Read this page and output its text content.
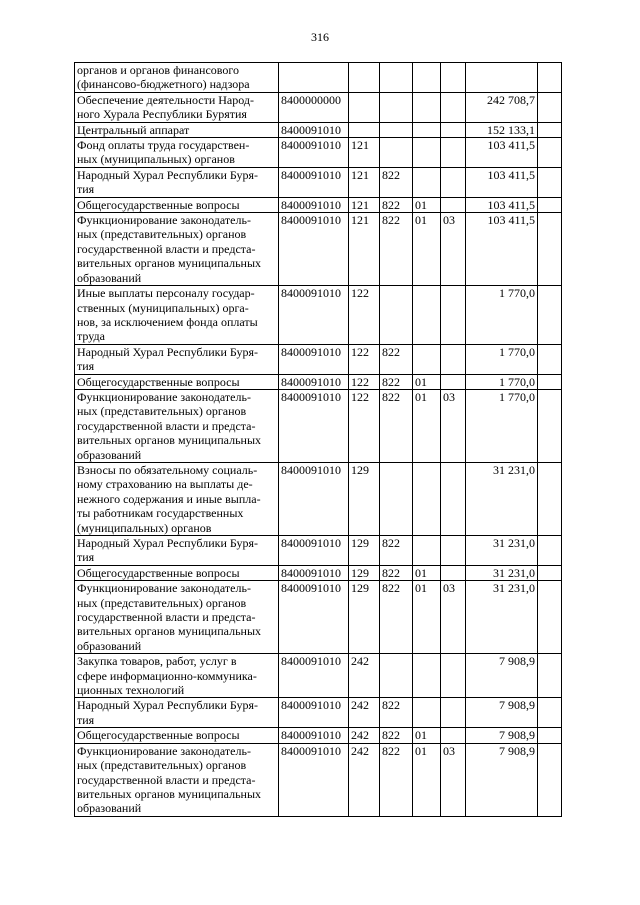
316
органов и органов финансового
(финансово-бюджетного) надзора							

Обеспечение деятельности Народ-
ного Хурала Республики Бурятия	8400000000					242 708,7	

Центральный аппарат	8400091010					152 133,1	

Фонд оплаты труда государствен-
ных (муниципальных) органов	8400091010	121				103 411,5	

Народный Хурал Республики Буря-
тия	8400091010	121	822			103 411,5	

Общегосударственные вопросы	8400091010	121	822	01		103 411,5	

Функционирование законодатель-
ных (представительных) органов
государственной власти и предста-
вительных органов муниципальных
образований	8400091010	121	822	01	03	103 411,5	

Иные выплаты персоналу государ-
ственных (муниципальных) орга-
нов, за исключением фонда оплаты
труда	8400091010	122				1 770,0	

Народный Хурал Республики Буря-
тия	8400091010	122	822			1 770,0	

Общегосударственные вопросы	8400091010	122	822	01		1 770,0	

Функционирование законодатель-
ных (представительных) органов
государственной власти и предста-
вительных органов муниципальных
образований	8400091010	122	822	01	03	1 770,0	

Взносы по обязательному социаль-
ному страхованию на выплаты де-
нежного содержания и иные выпла-
ты работникам государственных
(муниципальных) органов	8400091010	129				31 231,0	

Народный Хурал Республики Буря-
тия	8400091010	129	822			31 231,0	

Общегосударственные вопросы	8400091010	129	822	01		31 231,0	

Функционирование законодатель-
ных (представительных) органов
государственной власти и предста-
вительных органов муниципальных
образований	8400091010	129	822	01	03	31 231,0	

Закупка товаров, работ, услуг в
сфере информационно-коммуника-
ционных технологий	8400091010	242				7 908,9	

Народный Хурал Республики Буря-
тия	8400091010	242	822			7 908,9	

Общегосударственные вопросы	8400091010	242	822	01		7 908,9	

Функционирование законодатель-
ных (представительных) органов
государственной власти и предста-
вительных органов муниципальных
образований	8400091010	242	822	01	03	7 908,9	
